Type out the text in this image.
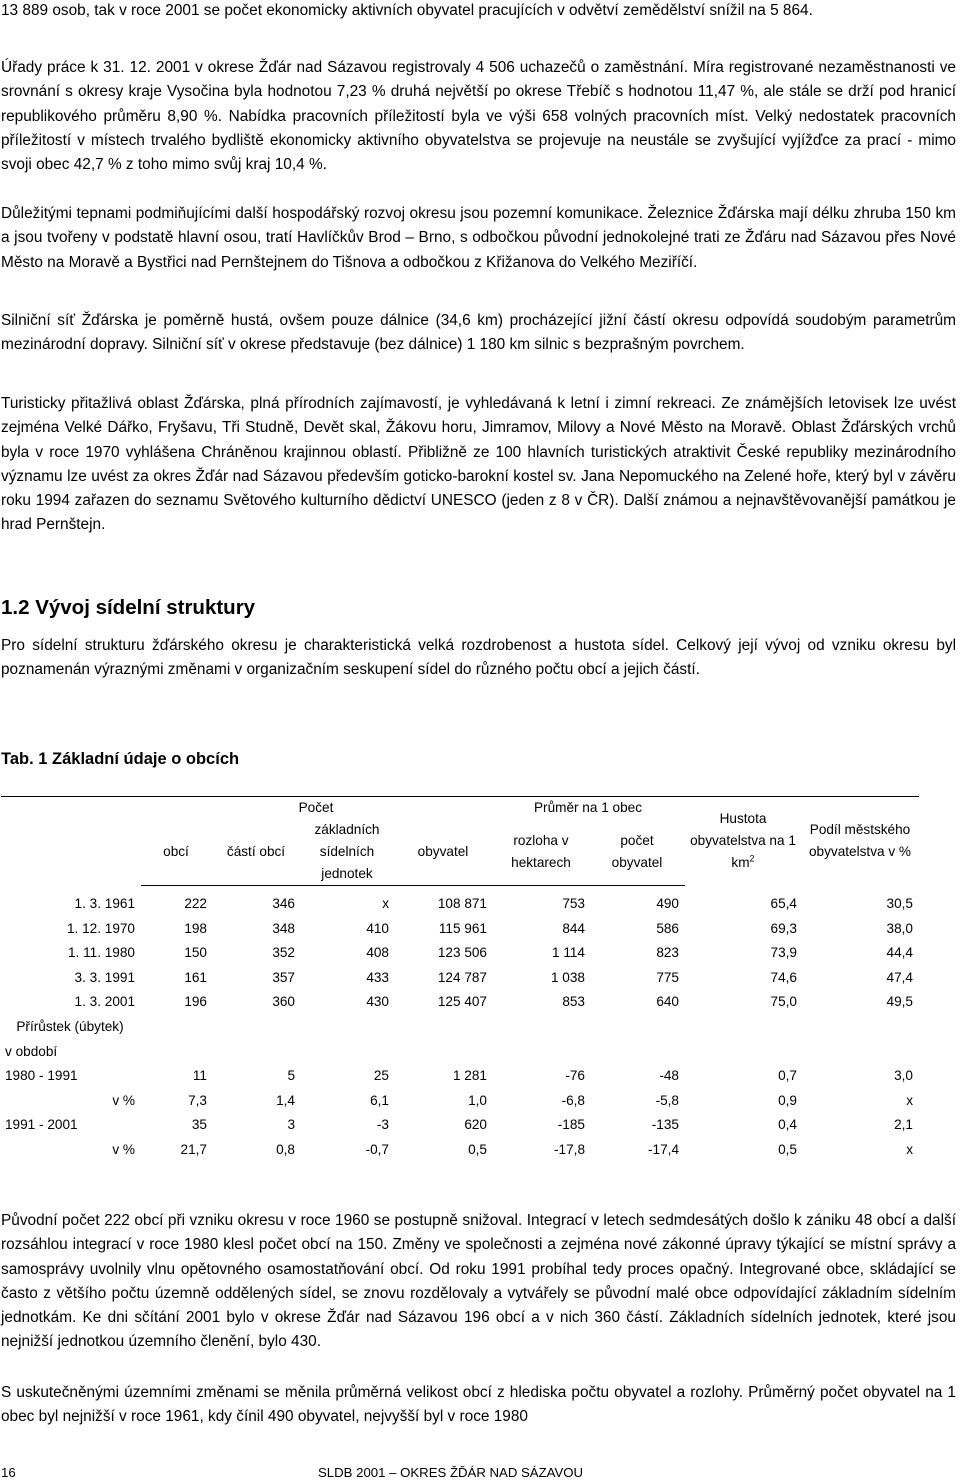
13 889 osob, tak v roce 2001 se počet ekonomicky aktivních obyvatel pracujících v odvětví zemědělství snížil na 5 864.

Úřady práce k 31. 12. 2001 v okrese Žďár nad Sázavou registrovaly 4 506 uchazečů o zaměstnání. Míra registrované nezaměstnanosti ve srovnání s okresy kraje Vysočina byla hodnotou 7,23 % druhá největší po okrese Třebíč s hodnotou 11,47 %, ale stále se drží pod hranicí republikového průměru 8,90 %. Nabídka pracovních příležitostí byla ve výši 658 volných pracovních míst. Velký nedostatek pracovních příležitostí v místech trvalého bydliště ekonomicky aktivního obyvatelstva se projevuje na neustále se zvyšující vyjížďce za prací - mimo svoji obec 42,7 % z toho mimo svůj kraj 10,4 %.

Důležitými tepnami podmiňujícími další hospodářský rozvoj okresu jsou pozemní komunikace. Železnice Žďárska mají délku zhruba 150 km a jsou tvořeny v podstatě hlavní osou, tratí Havlíčkův Brod – Brno, s odbočkou původní jednokolejné trati ze Žďáru nad Sázavou přes Nové Město na Moravě a Bystřici nad Pernštejnem do Tišnova a odbočkou z Křižanova do Velkého Meziříčí.

Silniční síť Žďárska je poměrně hustá, ovšem pouze dálnice (34,6 km) procházející jižní částí okresu odpovídá soudobým parametrům mezinárodní dopravy. Silniční síť v okrese představuje (bez dálnice) 1 180 km silnic s bezprašným povrchem.

Turisticky přitažlivá oblast Žďárska, plná přírodních zajímavostí, je vyhledávaná k letní i zimní rekreaci. Ze známějších letovisek lze uvést zejména Velké Dářko, Fryšavu, Tři Studně, Devět skal, Žákovu horu, Jimramov, Milovy a Nové Město na Moravě. Oblast Žďárských vrchů byla v roce 1970 vyhlášena Chráněnou krajinnou oblastí. Přibližně ze 100 hlavních turistických atraktivit České republiky mezinárodního významu lze uvést za okres Žďár nad Sázavou především goticko-barokní kostel sv. Jana Nepomuckého na Zelené hoře, který byl v závěru roku 1994 zařazen do seznamu Světového kulturního dědictví UNESCO (jeden z 8 v ČR). Další známou a nejnavštěvovanější památkou je hrad Pernštejn.

1.2 Vývoj sídelní struktury

Pro sídelní strukturu žďárského okresu je charakteristická velká rozdrobenost a hustota sídel. Celkový její vývoj od vzniku okresu byl poznamenán výraznými změnami v organizačním seskupení sídel do různého počtu obcí a jejich částí.

Tab. 1 Základní údaje o obcích

	Počet				Průměr na 1 obec		Hustota obyvatelstva na 1 $km^2$	Podíl městského obyvatelstva v %
	obcí	částí obcí	základních sídelních jednotek	obyvatel	rozloha v hektarech	počet obyvatel		
1. 3. 1961	222	346	x	108 871	753	490	65,4	30,5
1. 12. 1970	198	348	410	115 961	844	586	69,3	38,0
1. 11. 1980	150	352	408	123 506	1 114	823	73,9	44,4
3. 3. 1991	161	357	433	124 787	1 038	775	74,6	47,4
1. 3. 2001	196	360	430	125 407	853	640	75,0	49,5
Přírůstek (úbytek)								
v období								
1980 - 1991	11	5	25	1 281	-76	-48	0,7	3,0
v %	7,3	1,4	6,1	1,0	-6,8	-5,8	0,9	x
1991 - 2001	35	3	-3	620	-185	-135	0,4	2,1
v %	21,7	0,8	-0,7	0,5	-17,8	-17,4	0,5	x

Původní počet 222 obcí při vzniku okresu v roce 1960 se postupně snižoval. Integrací v letech sedmdesátých došlo k zániku 48 obcí a další rozsáhlou integrací v roce 1980 klesl počet obcí na 150. Změny ve společnosti a zejména nové zákonné úpravy týkající se místní správy a samosprávy uvolnily vlnu opětovného osamostatňování obcí. Od roku 1991 probíhal tedy proces opačný. Integrované obce, skládající se často z většího počtu územně oddělených sídel, se znovu rozdělovaly a vytvářely se původní malé obce odpovídající základním sídelním jednotkám. Ke dni sčítání 2001 bylo v okrese Žďár nad Sázavou 196 obcí a v nich 360 částí. Základních sídelních jednotek, které jsou nejnižší jednotkou územního členění, bylo 430.

S uskutečněnými územními změnami se měnila průměrná velikost obcí z hlediska počtu obyvatel a rozlohy. Průměrný počet obyvatel na 1 obec byl nejnižší v roce 1961, kdy čínil 490 obyvatel, nejvyšší byl v roce 1980

16	SLDB 2001 – OKRES ŽĎÁR NAD SÁZAVOU
